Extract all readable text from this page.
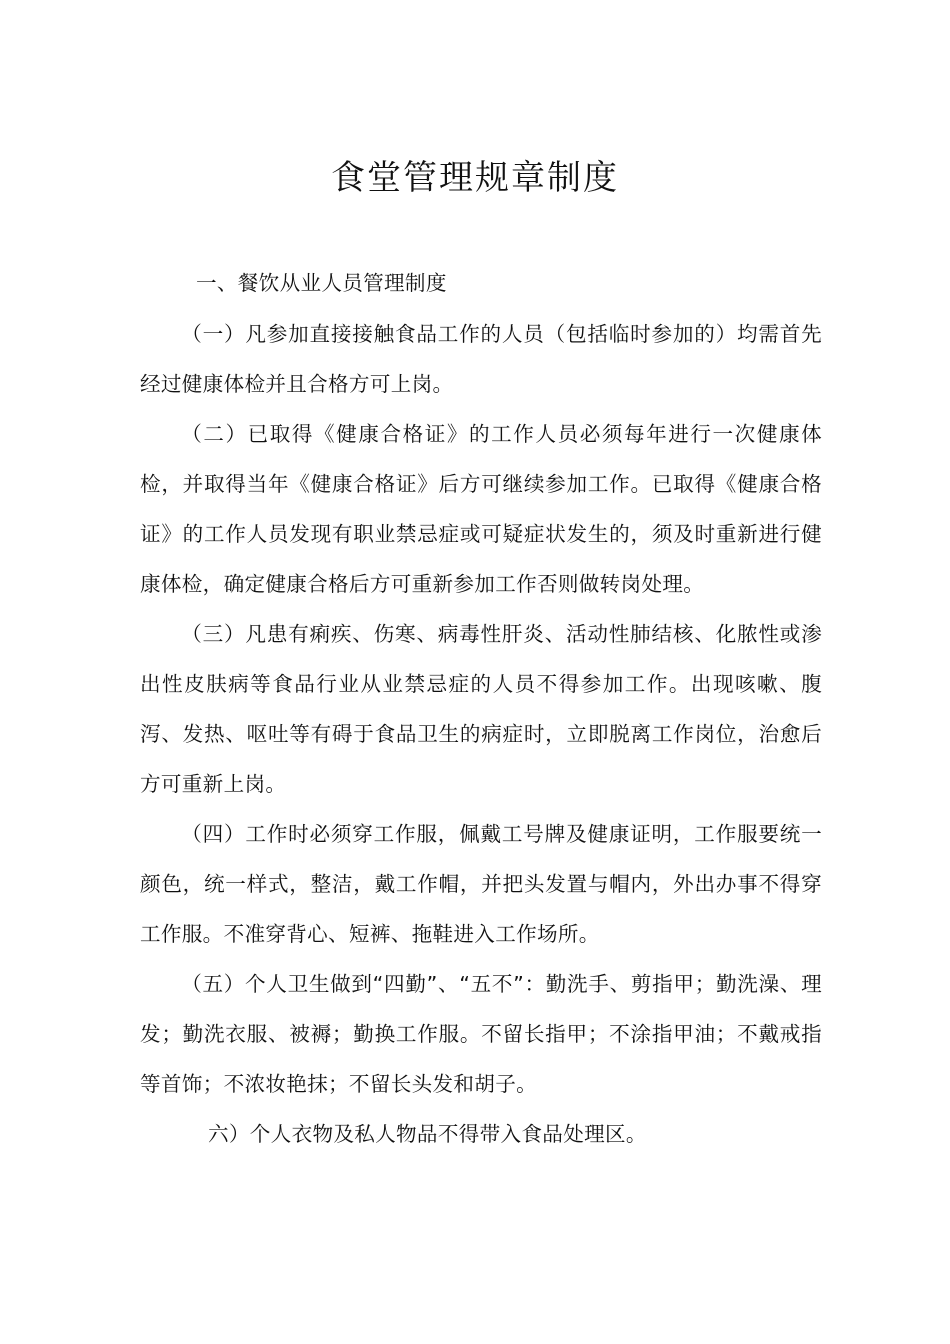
食堂管理规章制度

一、餐饮从业人员管理制度

（一）凡参加直接接触食品工作的人员（包括临时参加的）均需首先经过健康体检并且合格方可上岗。

（二）已取得《健康合格证》的工作人员必须每年进行一次健康体检，并取得当年《健康合格证》后方可继续参加工作。已取得《健康合格证》的工作人员发现有职业禁忌症或可疑症状发生的，须及时重新进行健康体检，确定健康合格后方可重新参加工作否则做转岗处理。

（三）凡患有痢疾、伤寒、病毒性肝炎、活动性肺结核、化脓性或渗出性皮肤病等食品行业从业禁忌症的人员不得参加工作。出现咳嗽、腹泻、发热、呕吐等有碍于食品卫生的病症时，立即脱离工作岗位，治愈后方可重新上岗。

（四）工作时必须穿工作服，佩戴工号牌及健康证明，工作服要统一颜色，统一样式，整洁，戴工作帽，并把头发置与帽内，外出办事不得穿工作服。不准穿背心、短裤、拖鞋进入工作场所。

（五）个人卫生做到“四勤”、“五不”：勤洗手、剪指甲；勤洗澡、理发；勤洗衣服、被褥；勤换工作服。不留长指甲；不涂指甲油；不戴戒指等首饰；不浓妆艳抹；不留长头发和胡子。

六）个人衣物及私人物品不得带入食品处理区。
